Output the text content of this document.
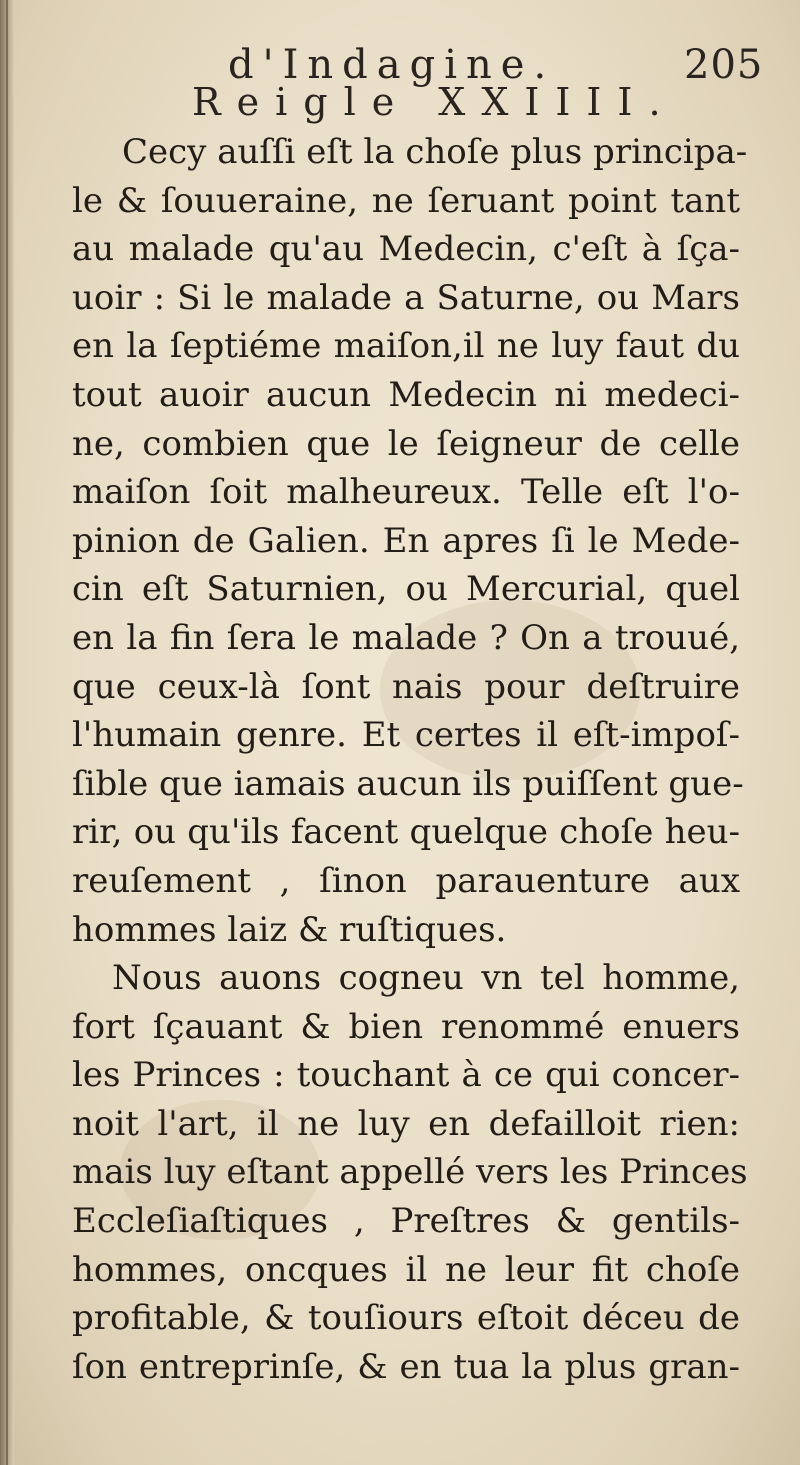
d'Indagine.	205
Reigle XXIIII.
Cecy auſſi eſt la choſe plus principa-
le & ſouueraine, ne ſeruant point tant
au malade qu'au Medecin, c'eſt à ſça-
uoir : Si le malade a Saturne, ou Mars
en la ſeptiéme maiſon,il ne luy faut du
tout auoir aucun Medecin ni medeci-
ne, combien que le ſeigneur de celle
maiſon ſoit malheureux. Telle eſt l'o-
pinion de Galien. En apres ſi le Mede-
cin eſt Saturnien, ou Mercurial, quel
en la fin ſera le malade ? On a trouué,
que ceux-là ſont nais pour deſtruire
l'humain genre. Et certes il eſt-impoſ-
ſible que iamais aucun ils puiſſent gue-
rir, ou qu'ils facent quelque choſe heu-
reuſement , ſinon parauenture aux
hommes laiz & ruſtiques.
Nous auons cogneu vn tel homme,
fort ſçauant & bien renommé enuers
les Princes : touchant à ce qui concer-
noit l'art, il ne luy en defailloit rien:
mais luy eſtant appellé vers les Princes
Eccleſiaſtiques , Preſtres & gentils-
hommes, oncques il ne leur fit choſe
profitable, & touſiours eſtoit déceu de
ſon entreprinſe, & en tua la plus gran-
